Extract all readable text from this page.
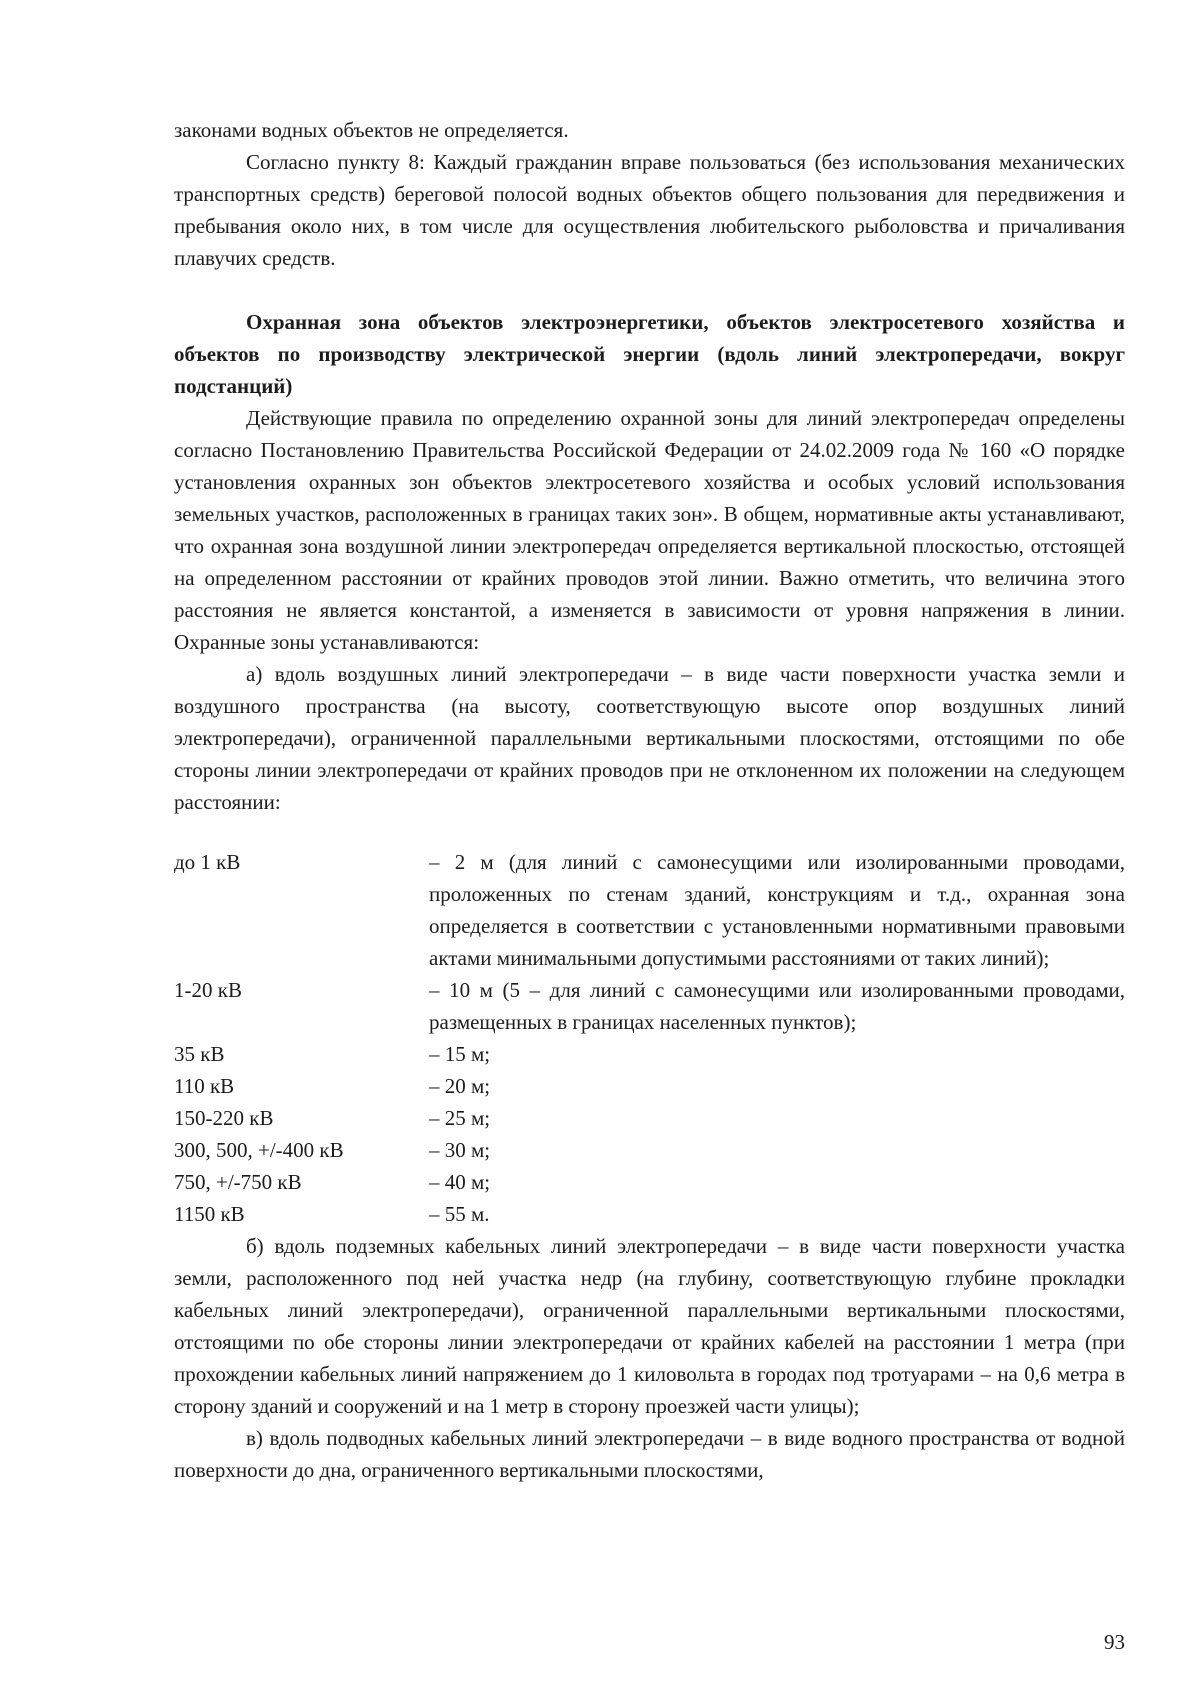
законами водных объектов не определяется.

Согласно пункту 8: Каждый гражданин вправе пользоваться (без использования механических транспортных средств) береговой полосой водных объектов общего пользования для передвижения и пребывания около них, в том числе для осуществления любительского рыболовства и причаливания плавучих средств.

Охранная зона объектов электроэнергетики, объектов электросетевого хозяйства и объектов по производству электрической энергии (вдоль линий электропередачи, вокруг подстанций)

Действующие правила по определению охранной зоны для линий электропередач определены согласно Постановлению Правительства Российской Федерации от 24.02.2009 года № 160 «О порядке установления охранных зон объектов электросетевого хозяйства и особых условий использования земельных участков, расположенных в границах таких зон». В общем, нормативные акты устанавливают, что охранная зона воздушной линии электропередач определяется вертикальной плоскостью, отстоящей на определенном расстоянии от крайних проводов этой линии. Важно отметить, что величина этого расстояния не является константой, а изменяется в зависимости от уровня напряжения в линии. Охранные зоны устанавливаются:

а) вдоль воздушных линий электропередачи – в виде части поверхности участка земли и воздушного пространства (на высоту, соответствующую высоте опор воздушных линий электропередачи), ограниченной параллельными вертикальными плоскостями, отстоящими по обе стороны линии электропередачи от крайних проводов при не отклоненном их положении на следующем расстоянии:

до 1 кВ	– 2 м (для линий с самонесущими или изолированными проводами, проложенных по стенам зданий, конструкциям и т.д., охранная зона определяется в соответствии с установленными нормативными правовыми актами минимальными допустимыми расстояниями от таких линий);
1-20 кВ	– 10 м (5 – для линий с самонесущими или изолированными проводами, размещенных в границах населенных пунктов);
35 кВ	– 15 м;
110 кВ	– 20 м;
150-220 кВ	– 25 м;
300, 500, +/-400 кВ	– 30 м;
750, +/-750 кВ	– 40 м;
1150 кВ	– 55 м.

б) вдоль подземных кабельных линий электропередачи – в виде части поверхности участка земли, расположенного под ней участка недр (на глубину, соответствующую глубине прокладки кабельных линий электропередачи), ограниченной параллельными вертикальными плоскостями, отстоящими по обе стороны линии электропередачи от крайних кабелей на расстоянии 1 метра (при прохождении кабельных линий напряжением до 1 киловольта в городах под тротуарами – на 0,6 метра в сторону зданий и сооружений и на 1 метр в сторону проезжей части улицы);

в) вдоль подводных кабельных линий электропередачи – в виде водного пространства от водной поверхности до дна, ограниченного вертикальными плоскостями,

93
